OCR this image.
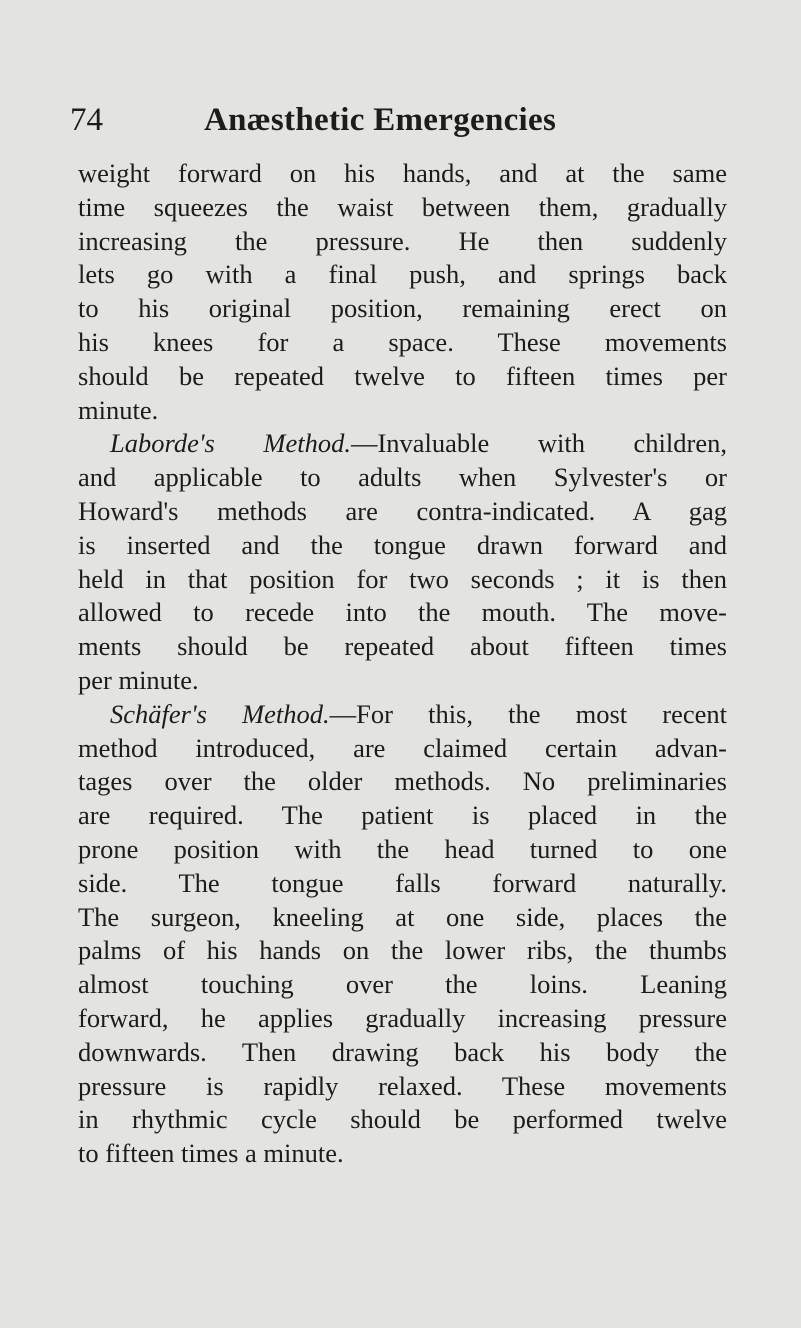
74	Anæsthetic Emergencies
weight forward on his hands, and at the same
time squeezes the waist between them, gradually
increasing the pressure. He then suddenly
lets go with a final push, and springs back
to his original position, remaining erect on
his knees for a space. These movements
should be repeated twelve to fifteen times per
minute.
Laborde's Method.—Invaluable with children,
and applicable to adults when Sylvester's or
Howard's methods are contra-indicated. A gag
is inserted and the tongue drawn forward and
held in that position for two seconds ; it is then
allowed to recede into the mouth. The move-
ments should be repeated about fifteen times
per minute.
Schäfer's Method.—For this, the most recent
method introduced, are claimed certain advan-
tages over the older methods. No preliminaries
are required. The patient is placed in the
prone position with the head turned to one
side. The tongue falls forward naturally.
The surgeon, kneeling at one side, places the
palms of his hands on the lower ribs, the thumbs
almost touching over the loins. Leaning
forward, he applies gradually increasing pressure
downwards. Then drawing back his body the
pressure is rapidly relaxed. These movements
in rhythmic cycle should be performed twelve
to fifteen times a minute.
